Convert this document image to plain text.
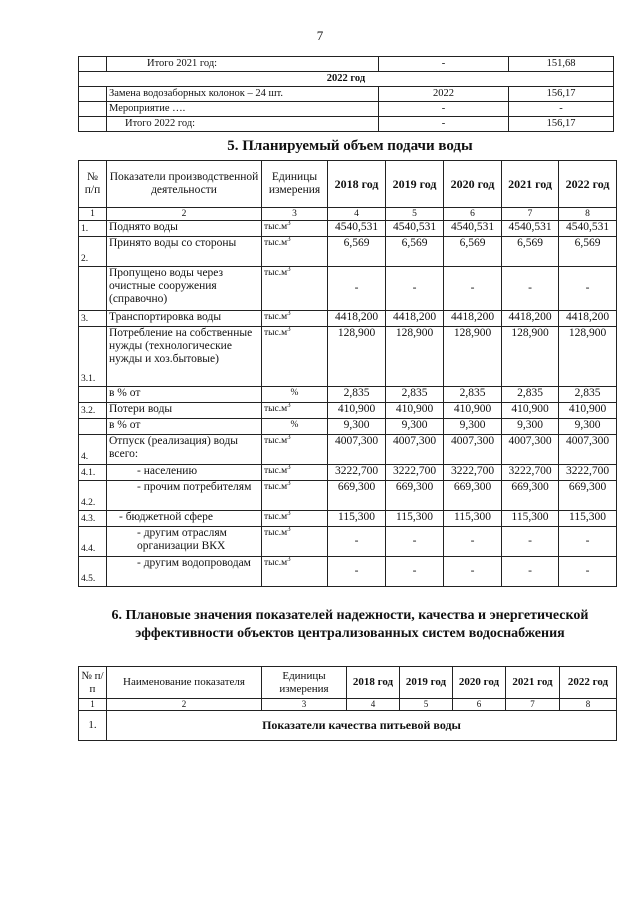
7
	Итого 2021 год:	-	151,68
2022 год			
	Замена водозаборных колонок – 24 шт.	2022	156,17
	Мероприятие ….	-	-
	Итого 2022 год:	-	156,17
5. Планируемый объем подачи воды
№ п/п	Показатели производственной деятельности	Единицы измерения	2018 год	2019 год	2020 год	2021 год	2022 год
1	2	3	4	5	6	7	8
1.	Поднято воды	$тыс.м^3$	4540,531	4540,531	4540,531	4540,531	4540,531
2.	Принято воды со стороны	$тыс.м^3$	6,569	6,569	6,569	6,569	6,569
	Пропущено воды через очистные сооружения (справочно)	$тыс.м^3$	-	-	-	-	-
3.	Транспортировка воды	$тыс.м^3$	4418,200	4418,200	4418,200	4418,200	4418,200
3.1.	Потребление на собственные нужды (технологические нужды и хоз.бытовые)	$тыс.м^3$	128,900	128,900	128,900	128,900	128,900
	в % от	%	2,835	2,835	2,835	2,835	2,835
3.2.	Потери воды	$тыс.м^3$	410,900	410,900	410,900	410,900	410,900
	в % от	%	9,300	9,300	9,300	9,300	9,300
4.	Отпуск (реализация) воды всего:	$тыс.м^3$	4007,300	4007,300	4007,300	4007,300	4007,300
4.1.	- населению	$тыс.м^3$	3222,700	3222,700	3222,700	3222,700	3222,700
4.2.	- прочим потребителям	$тыс.м^3$	669,300	669,300	669,300	669,300	669,300
4.3.	- бюджетной сфере	$тыс.м^3$	115,300	115,300	115,300	115,300	115,300
4.4.	- другим отраслям организации ВКХ	$тыс.м^3$	-	-	-	-	-
4.5.	- другим водопроводам	$тыс.м^3$	-	-	-	-	-
6. Плановые значения показателей надежности, качества и энергетической эффективности объектов централизованных систем водоснабжения
№ п/п	Наименование показателя	Единицы измерения	2018 год	2019 год	2020 год	2021 год	2022 год
1	2	3	4	5	6	7	8
1.	Показатели качества питьевой воды						
